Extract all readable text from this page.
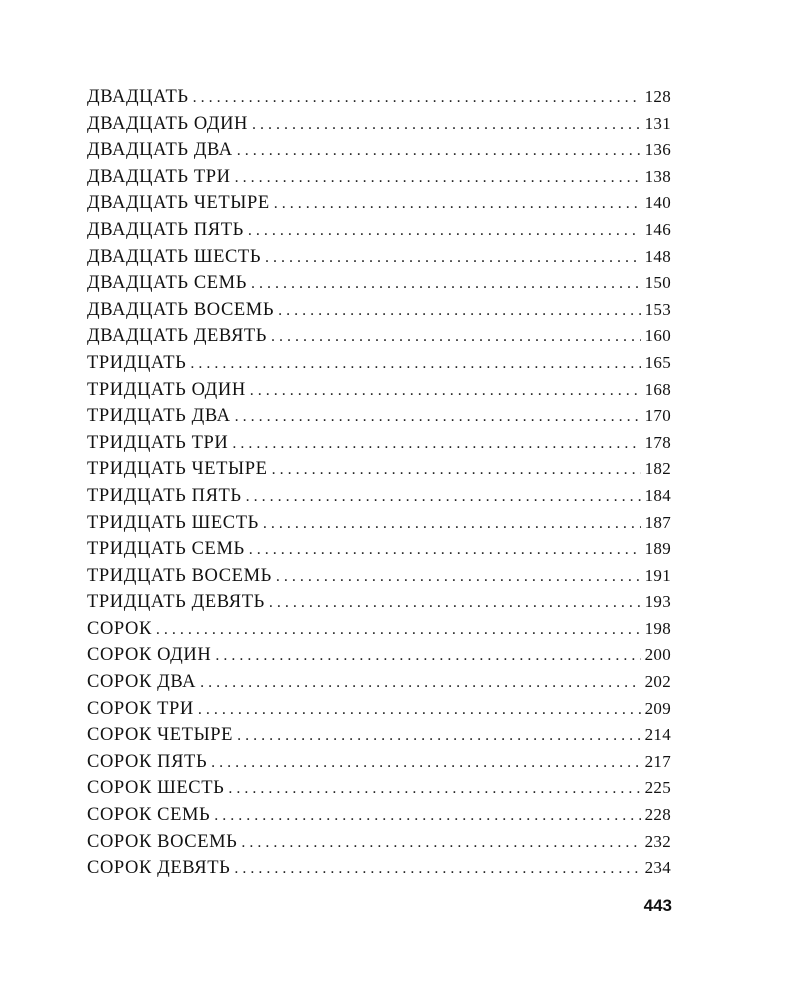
ДВАДЦАТЬ . . .	128
ДВАДЦАТЬ ОДИН . . .	131
ДВАДЦАТЬ ДВА . . .	136
ДВАДЦАТЬ ТРИ . . .	138
ДВАДЦАТЬ ЧЕТЫРЕ . . .	140
ДВАДЦАТЬ ПЯТЬ . . .	146
ДВАДЦАТЬ ШЕСТЬ . . .	148
ДВАДЦАТЬ СЕМЬ . . .	150
ДВАДЦАТЬ ВОСЕМЬ . . .	153
ДВАДЦАТЬ ДЕВЯТЬ . . .	160
ТРИДЦАТЬ . . .	165
ТРИДЦАТЬ ОДИН . . .	168
ТРИДЦАТЬ ДВА . . .	170
ТРИДЦАТЬ ТРИ . . .	178
ТРИДЦАТЬ ЧЕТЫРЕ . . .	182
ТРИДЦАТЬ ПЯТЬ . . .	184
ТРИДЦАТЬ ШЕСТЬ . . .	187
ТРИДЦАТЬ СЕМЬ . . .	189
ТРИДЦАТЬ ВОСЕМЬ . . .	191
ТРИДЦАТЬ ДЕВЯТЬ . . .	193
СОРОК . . .	198
СОРОК ОДИН . . .	200
СОРОК ДВА . . .	202
СОРОК ТРИ . . .	209
СОРОК ЧЕТЫРЕ . . .	214
СОРОК ПЯТЬ . . .	217
СОРОК ШЕСТЬ . . .	225
СОРОК СЕМЬ . . .	228
СОРОК ВОСЕМЬ . . .	232
СОРОК ДЕВЯТЬ . . .	234
443
